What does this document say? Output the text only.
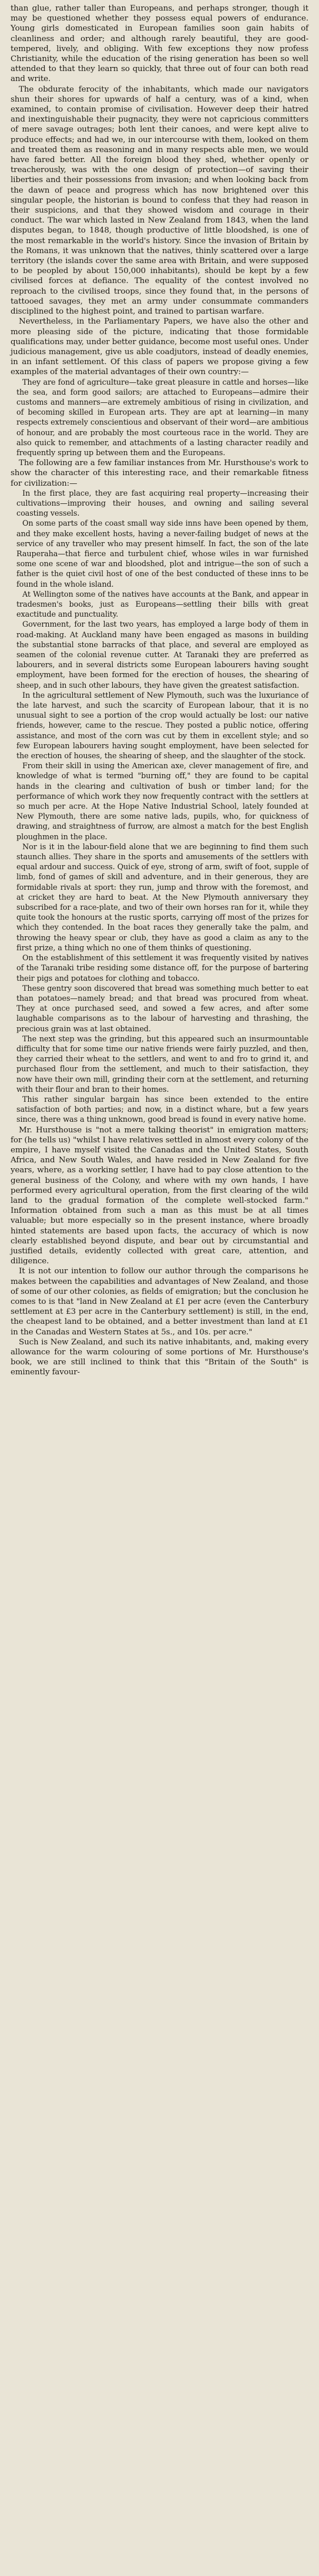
than glue, rather taller than Europeans, and perhaps stronger, though it may be questioned whether they possess equal powers of endurance. Young girls domesticated in European families soon gain habits of cleanliness and order; and although rarely beautiful, they are good-tempered, lively, and obliging. With few exceptions they now profess Christianity, while the education of the rising generation has been so well attended to that they learn so quickly, that three out of four can both read and write.

The obdurate ferocity of the inhabitants, which made our navigators shun their shores for upwards of half a century, was of a kind, when examined, to contain promise of civilisation. However deep their hatred and inextinguishable their pugnacity, they were not capricious committers of mere savage outrages; both lent their canoes, and were kept alive to produce effects; and had we, in our intercourse with them, looked on them and treated them as reasoning and in many respects able men, we would have fared better. All the foreign blood they shed, whether openly or treacherously, was with the one design of protection—of saving their liberties and their possessions from invasion; and when looking back from the dawn of peace and progress which has now brightened over this singular people, the historian is bound to confess that they had reason in their suspicions, and that they showed wisdom and courage in their conduct. The war which lasted in New Zealand from 1843, when the land disputes began, to 1848, though productive of little bloodshed, is one of the most remarkable in the world's history. Since the invasion of Britain by the Romans, it was unknown that the natives, thinly scattered over a large territory (the islands cover the same area with Britain, and were supposed to be peopled by about 150,000 inhabitants), should be kept by a few civilised forces at defiance. The equality of the contest involved no reproach to the civilised troops, since they found that, in the persons of tattooed savages, they met an army under consummate commanders disciplined to the highest point, and trained to partisan warfare.

Nevertheless, in the Parliamentary Papers, we have also the other and more pleasing side of the picture, indicating that those formidable qualifications may, under better guidance, become most useful ones. Under judicious management, give us able coadjutors, instead of deadly enemies, in an infant settlement. Of this class of papers we propose giving a few examples of the material advantages of their own country:—

They are fond of agriculture—take great pleasure in cattle and horses—like the sea, and form good sailors; are attached to Europeans—admire their customs and manners—are extremely ambitious of rising in civilization, and of becoming skilled in European arts. They are apt at learning—in many respects extremely conscientious and observant of their word—are ambitious of honour, and are probably the most courteous race in the world. They are also quick to remember, and attachments of a lasting character readily and frequently spring up between them and the Europeans.

The following are a few familiar instances from Mr. Hursthouse's work to show the character of this interesting race, and their remarkable fitness for civilization:—

In the first place, they are fast acquiring real property—increasing their cultivations—improving their houses, and owning and sailing several coasting vessels.

On some parts of the coast small way side inns have been opened by them, and they make excellent hosts, having a never-failing budget of news at the service of any traveller who may present himself. In fact, the son of the late Rauperaha—that fierce and turbulent chief, whose wiles in war furnished some one scene of war and bloodshed, plot and intrigue—the son of such a father is the quiet civil host of one of the best conducted of these inns to be found in the whole island.

At Wellington some of the natives have accounts at the Bank, and appear in tradesmen's books, just as Europeans—settling their bills with great exactitude and punctuality.

Government, for the last two years, has employed a large body of them in road-making. At Auckland many have been engaged as masons in building the substantial stone barracks of that place, and several are employed as seamen of the colonial revenue cutter. At Taranaki they are preferred as labourers, and in several districts some European labourers having sought employment, have been formed for the erection of houses, the shearing of sheep, and in such other labours, they have given the greatest satisfaction.

In the agricultural settlement of New Plymouth, such was the luxuriance of the late harvest, and such the scarcity of European labour, that it is no unusual sight to see a portion of the crop would actually be lost: our native friends, however, came to the rescue. They posted a public notice, offering assistance, and most of the corn was cut by them in excellent style; and so few European labourers having sought employment, have been selected for the erection of houses, the shearing of sheep, and the slaughter of the stock.

From their skill in using the American axe, clever management of fire, and knowledge of what is termed "burning off," they are found to be capital hands in the clearing and cultivation of bush or timber land; for the performance of which work they now frequently contract with the settlers at so much per acre. At the Hope Native Industrial School, lately founded at New Plymouth, there are some native lads, pupils, who, for quickness of drawing, and straightness of furrow, are almost a match for the best English ploughmen in the place.

Nor is it in the labour-field alone that we are beginning to find them such staunch allies. They share in the sports and amusements of the settlers with equal ardour and success. Quick of eye, strong of arm, swift of foot, supple of limb, fond of games of skill and adventure, and in their generous, they are formidable rivals at sport: they run, jump and throw with the foremost, and at cricket they are hard to beat. At the New Plymouth anniversary they subscribed for a race-plate, and two of their own horses ran for it, while they quite took the honours at the rustic sports, carrying off most of the prizes for which they contended. In the boat races they generally take the palm, and throwing the heavy spear or club, they have as good a claim as any to the first prize, a thing which no one of them thinks of questioning.

On the establishment of this settlement it was frequently visited by natives of the Taranaki tribe residing some distance off, for the purpose of bartering their pigs and potatoes for clothing and tobacco.

These gentry soon discovered that bread was something much better to eat than potatoes—namely bread; and that bread was procured from wheat. They at once purchased seed, and sowed a few acres, and after some laughable comparisons as to the labour of harvesting and thrashing, the precious grain was at last obtained.

The next step was the grinding, but this appeared such an insurmountable difficulty that for some time our native friends were fairly puzzled, and then, they carried their wheat to the settlers, and went to and fro to grind it, and purchased flour from the settlement, and much to their satisfaction, they now have their own mill, grinding their corn at the settlement, and returning with their flour and bran to their homes.

This rather singular bargain has since been extended to the entire satisfaction of both parties; and now, in a distinct whare, but a few years since, there was a thing unknown, good bread is found in every native home.

Mr. Hursthouse is "not a mere talking theorist" in emigration matters; for (he tells us) "whilst I have relatives settled in almost every colony of the empire, I have myself visited the Canadas and the United States, South Africa, and New South Wales, and have resided in New Zealand for five years, where, as a working settler, I have had to pay close attention to the general business of the Colony, and where with my own hands, I have performed every agricultural operation, from the first clearing of the wild land to the gradual formation of the complete well-stocked farm." Information obtained from such a man as this must be at all times valuable; but more especially so in the present instance, where broadly hinted statements are based upon facts, the accuracy of which is now clearly established beyond dispute, and bear out by circumstantial and justified details, evidently collected with great care, attention, and diligence.

It is not our intention to follow our author through the comparisons he makes between the capabilities and advantages of New Zealand, and those of some of our other colonies, as fields of emigration; but the conclusion he comes to is that "land in New Zealand at £1 per acre (even the Canterbury settlement at £3 per acre in the Canterbury settlement) is still, in the end, the cheapest land to be obtained, and a better investment than land at £1 in the Canadas and Western States at 5s., and 10s. per acre."

Such is New Zealand, and such its native inhabitants, and, making every allowance for the warm colouring of some portions of Mr. Hursthouse's book, we are still inclined to think that this "Britain of the South" is eminently favour-
